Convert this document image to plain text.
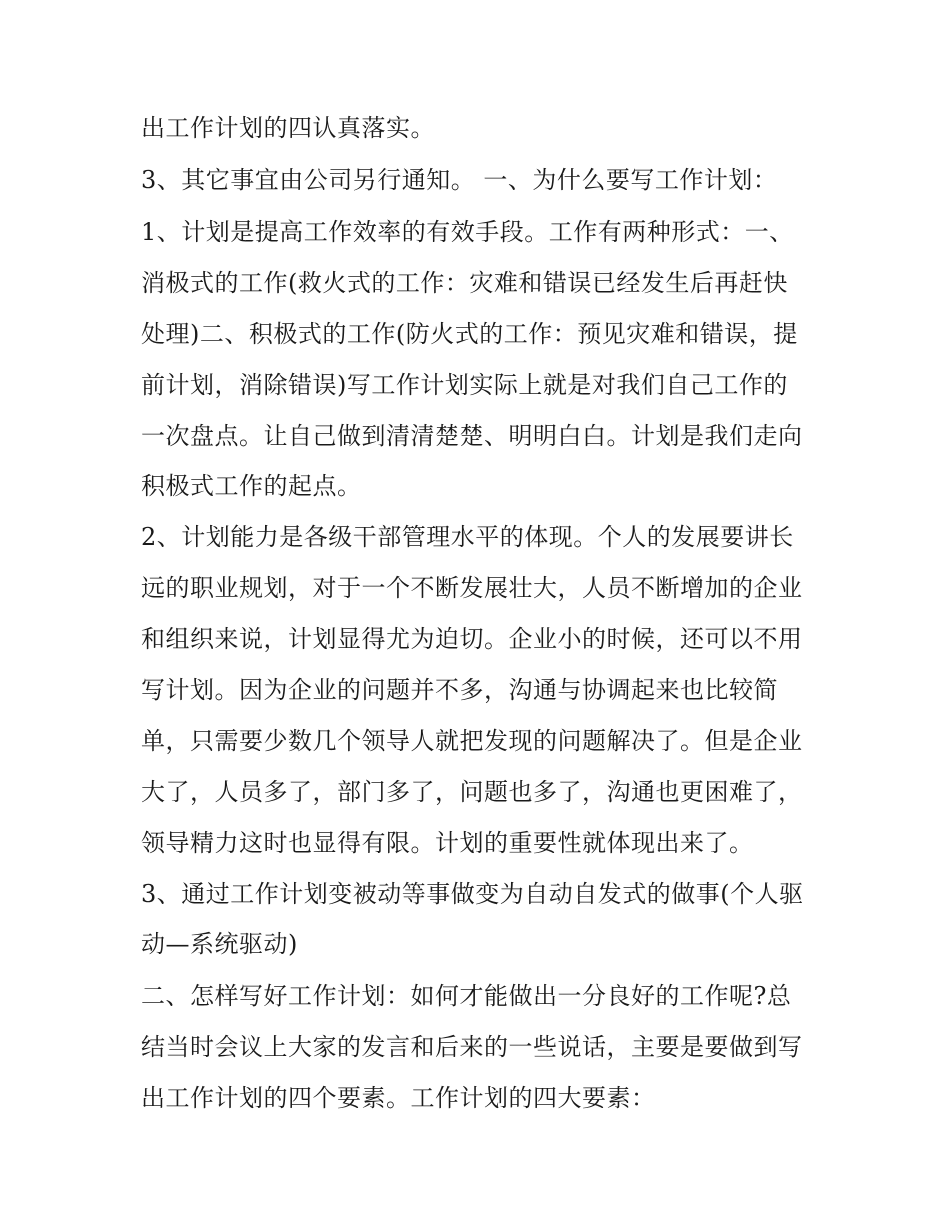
出工作计划的四认真落实。
3、其它事宜由公司另行通知。 一、为什么要写工作计划：
1、计划是提高工作效率的有效手段。工作有两种形式：一、
消极式的工作(救火式的工作：灾难和错误已经发生后再赶快
处理)二、积极式的工作(防火式的工作：预见灾难和错误，提
前计划，消除错误)写工作计划实际上就是对我们自己工作的
一次盘点。让自己做到清清楚楚、明明白白。计划是我们走向
积极式工作的起点。
2、计划能力是各级干部管理水平的体现。个人的发展要讲长
远的职业规划，对于一个不断发展壮大，人员不断增加的企业
和组织来说，计划显得尤为迫切。企业小的时候，还可以不用
写计划。因为企业的问题并不多，沟通与协调起来也比较简
单，只需要少数几个领导人就把发现的问题解决了。但是企业
大了，人员多了，部门多了，问题也多了，沟通也更困难了，
领导精力这时也显得有限。计划的重要性就体现出来了。
3、通过工作计划变被动等事做变为自动自发式的做事(个人驱
动—系统驱动)
二、怎样写好工作计划：如何才能做出一分良好的工作呢?总
结当时会议上大家的发言和后来的一些说话，主要是要做到写
出工作计划的四个要素。工作计划的四大要素：
